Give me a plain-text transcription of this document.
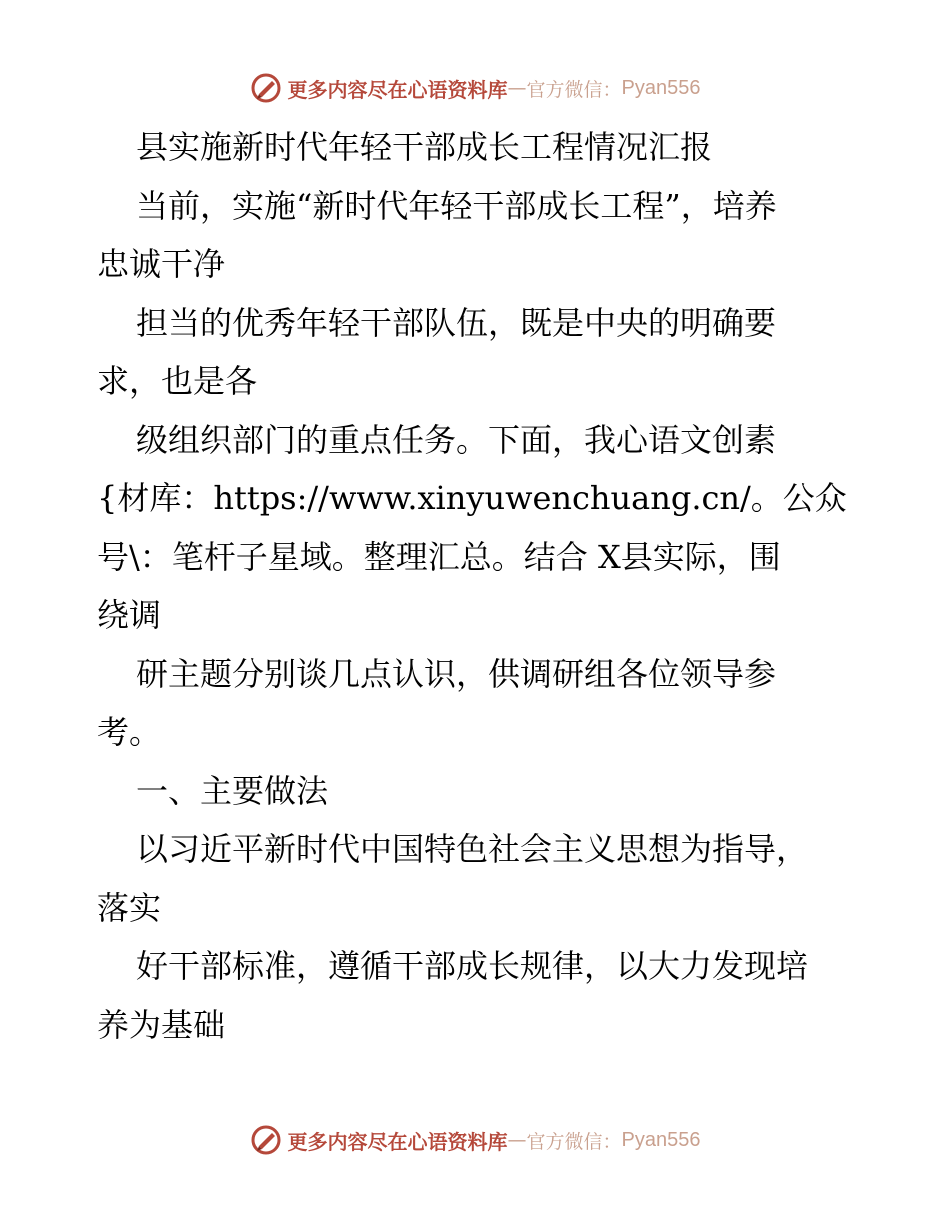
更多内容尽在心语资料库 — 官方微信： Pyan556
县实施新时代年轻干部成长工程情况汇报
当前，实施“新时代年轻干部成长工程”，培养
忠诚干净
担当的优秀年轻干部队伍，既是中央的明确要
求，也是各
级组织部门的重点任务。下面，我心语文创素
{材库：https://www.xinyuwenchuang.cn/。公众
号\：笔杆子星域。整理汇总。结合 X县实际，围
绕调
研主题分别谈几点认识，供调研组各位领导参
考。
一、主要做法
以习近平新时代中国特色社会主义思想为指导，
落实
好干部标准，遵循干部成长规律，以大力发现培
养为基础
更多内容尽在心语资料库 — 官方微信： Pyan556
